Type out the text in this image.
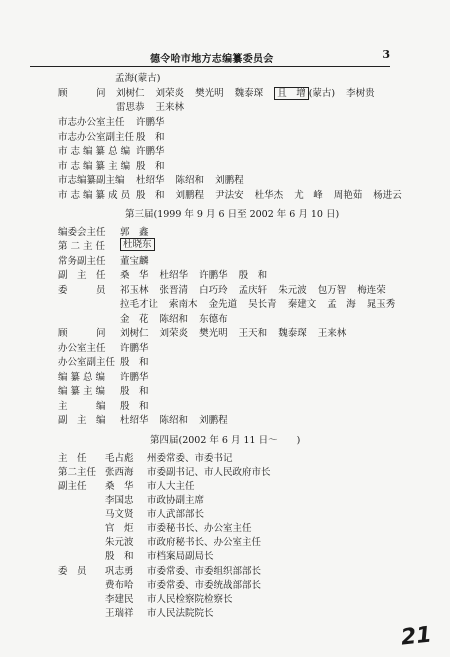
德令哈市地方志编纂委员会	3
孟海(蒙古)
顾　　　问	刘树仁 刘荣炎 樊光明 魏泰琛 且　增 (蒙古) 李树贵
雷思恭 王来林
市志办公室主任	许鹏华
市志办公室副主任 殷　和
市 志 编 纂 总 编 许鹏华
市 志 编 纂 主 编 殷　和
市志编纂副主编	杜绍华 陈绍和 刘鹏程
市 志 编 纂 成 员 殷　和 刘鹏程 尹法安 杜华杰 尤　峰 周艳茹 杨进云
第三届(1999 年 9 月 6 日至 2002 年 6 月 10 日)
编委会主任	郭　鑫
第 二 主 任	杜晓东
常务副主任	董宝麟
副　主　任	桑　华 杜绍华 许鹏华 殷　和
委　　　员	祁玉林 张晋清 白巧玲 孟庆轩 朱元波 包万智 梅连荣
拉毛才让 索南木 金先道 吴长青 秦建文 孟　海 晁玉秀
金　花 陈绍和 东德布
顾　　　问	刘树仁 刘荣炎 樊光明 王天和 魏泰琛 王来林
办公室主任	许鹏华
办公室副主任 殷　和
编 纂 总 编	许鹏华
编 纂 主 编	殷　和
主　　　编	殷　和
副　主　编	杜绍华 陈绍和 刘鹏程
第四届(2002 年 6 月 11 日～　　)
主　任 毛占彪 州委常委、市委书记
第二主任 张西海 市委副书记、市人民政府市长
副主任 桑　华 市人大主任
李国忠 市政协副主席
马文贤 市人武部部长
官　炬 市委秘书长、办公室主任
朱元波 市政府秘书长、办公室主任
殷　和 市档案局副局长
委　员 巩志勇 市委常委、市委组织部部长
费布哈 市委常委、市委统战部部长
李建民 市人民检察院检察长
王瑞祥 市人民法院院长
21
